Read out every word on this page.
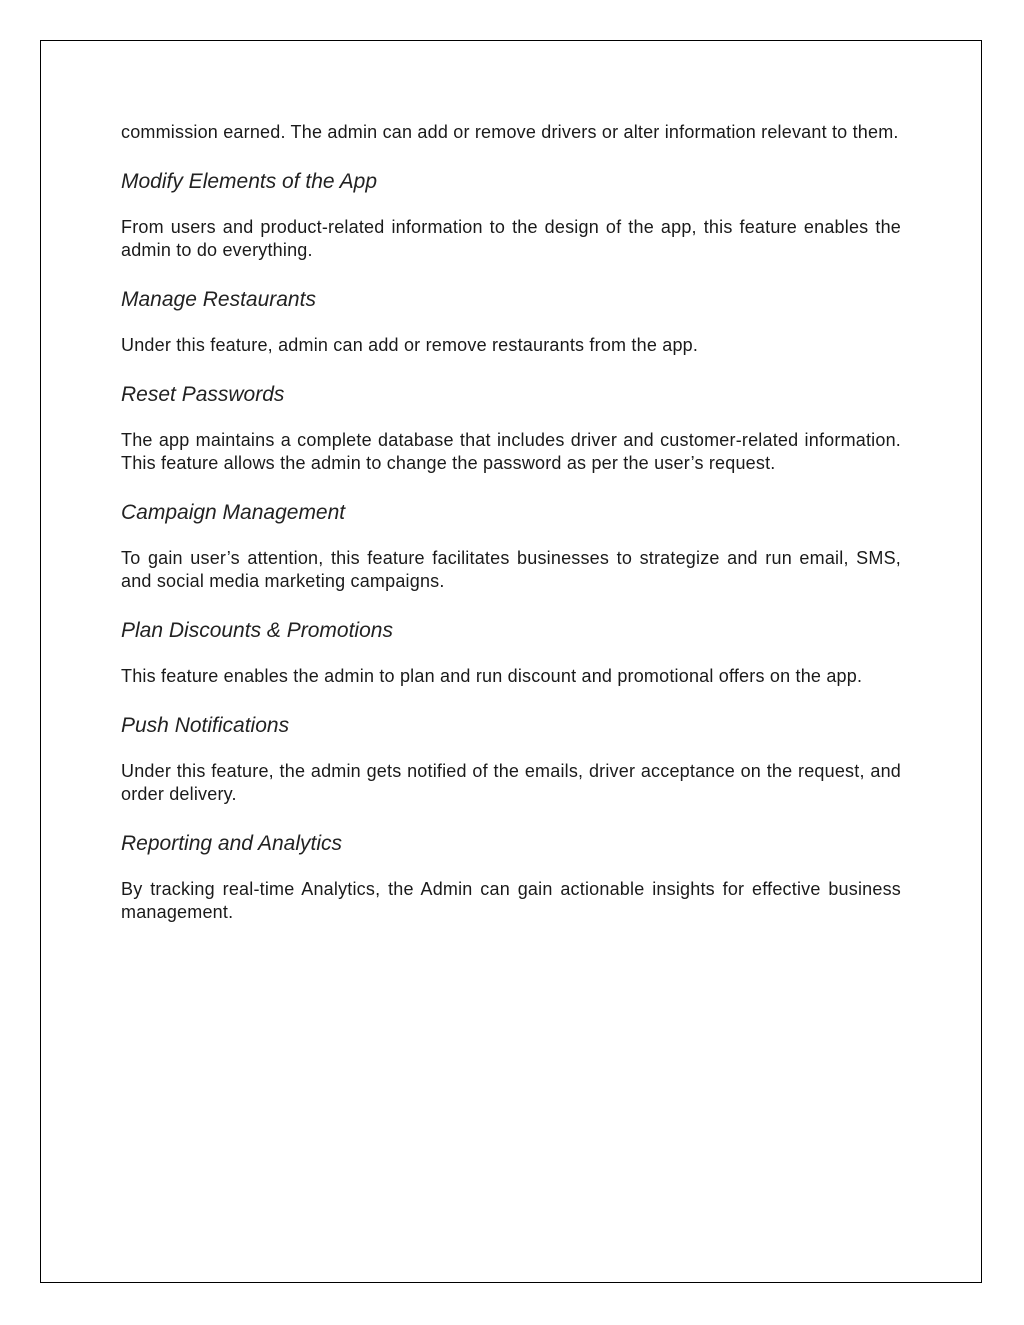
commission earned. The admin can add or remove drivers or alter information relevant to them.

Modify Elements of the App

From users and product-related information to the design of the app, this feature enables the admin to do everything.

Manage Restaurants

Under this feature, admin can add or remove restaurants from the app.

Reset Passwords

The app maintains a complete database that includes driver and customer-related information. This feature allows the admin to change the password as per the user’s request.

Campaign Management

To gain user’s attention, this feature facilitates businesses to strategize and run email, SMS, and social media marketing campaigns.

Plan Discounts & Promotions

This feature enables the admin to plan and run discount and promotional offers on the app.

Push Notifications

Under this feature, the admin gets notified of the emails, driver acceptance on the request, and order delivery.

Reporting and Analytics

By tracking real-time Analytics, the Admin can gain actionable insights for effective business management.
